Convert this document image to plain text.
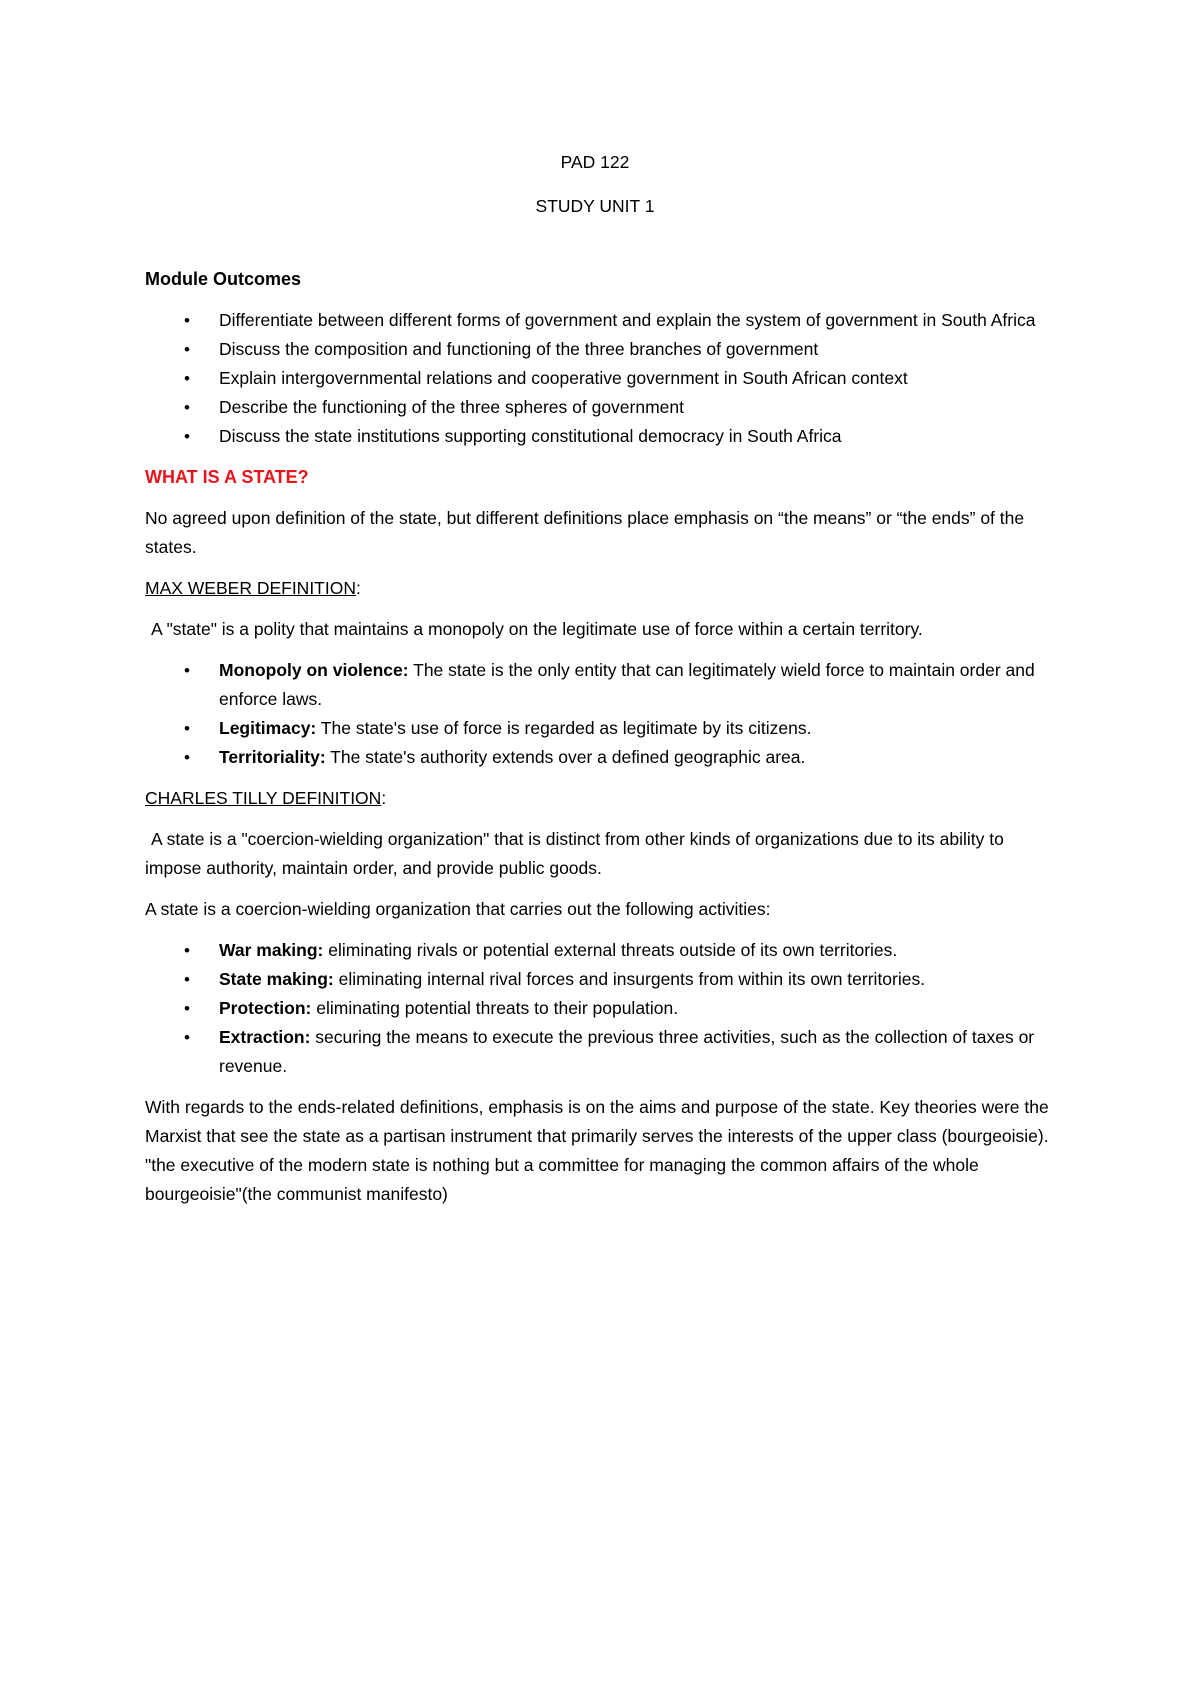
PAD 122

STUDY UNIT 1

Module Outcomes

• Differentiate between different forms of government and explain the system of government in South Africa
• Discuss the composition and functioning of the three branches of government
• Explain intergovernmental relations and cooperative government in South African context
• Describe the functioning of the three spheres of government
• Discuss the state institutions supporting constitutional democracy in South Africa

WHAT IS A STATE?

No agreed upon definition of the state, but different definitions place emphasis on “the means” or “the ends” of the states.

MAX WEBER DEFINITION:

A "state" is a polity that maintains a monopoly on the legitimate use of force within a certain territory.

• Monopoly on violence: The state is the only entity that can legitimately wield force to maintain order and enforce laws.
• Legitimacy: The state's use of force is regarded as legitimate by its citizens.
• Territoriality: The state's authority extends over a defined geographic area.

CHARLES TILLY DEFINITION:

A state is a "coercion-wielding organization" that is distinct from other kinds of organizations due to its ability to impose authority, maintain order, and provide public goods.

A state is a coercion-wielding organization that carries out the following activities:

• War making: eliminating rivals or potential external threats outside of its own territories.
• State making: eliminating internal rival forces and insurgents from within its own territories.
• Protection: eliminating potential threats to their population.
• Extraction: securing the means to execute the previous three activities, such as the collection of taxes or revenue.

With regards to the ends-related definitions, emphasis is on the aims and purpose of the state. Key theories were the Marxist that see the state as a partisan instrument that primarily serves the interests of the upper class (bourgeoisie). "the executive of the modern state is nothing but a committee for managing the common affairs of the whole bourgeoisie"(the communist manifesto)
